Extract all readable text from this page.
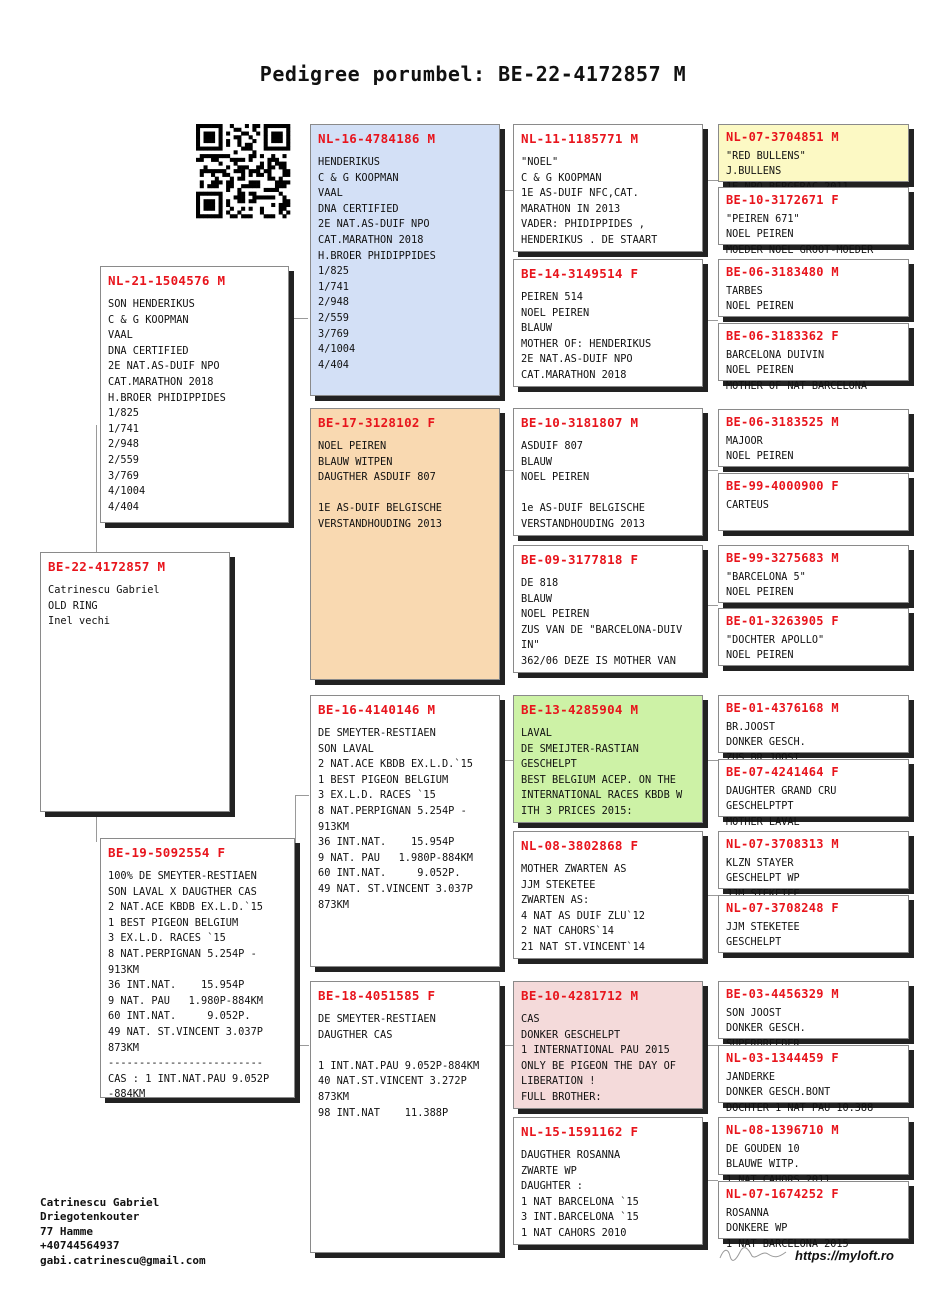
Pedigree porumbel: BE-22-4172857 M
NL-21-1504576 M
SON HENDERIKUS
C & G KOOPMAN
VAAL
DNA CERTIFIED
2E NAT.AS-DUIF NPO
CAT.MARATHON 2018
H.BROER PHIDIPPIDES
1/825
1/741
2/948
2/559
3/769
4/1004
4/404
BE-22-4172857 M
Catrinescu Gabriel
OLD RING
Inel vechi
BE-19-5092554 F
100% DE SMEYTER-RESTIAEN
SON LAVAL X DAUGTHER CAS
2 NAT.ACE KBDB EX.L.D.`15
1 BEST PIGEON BELGIUM
3 EX.L.D. RACES `15
8 NAT.PERPIGNAN 5.254P -
913KM
36 INT.NAT.    15.954P
9 NAT. PAU   1.980P-884KM
60 INT.NAT.     9.052P.
49 NAT. ST.VINCENT 3.037P
873KM
-------------------------
CAS : 1 INT.NAT.PAU 9.052P
-884KM
NL-16-4784186 M
HENDERIKUS
C & G KOOPMAN
VAAL
DNA CERTIFIED
2E NAT.AS-DUIF NPO
CAT.MARATHON 2018
H.BROER PHIDIPPIDES
1/825
1/741
2/948
2/559
3/769
4/1004
4/404
BE-17-3128102 F
NOEL PEIREN
BLAUW WITPEN
DAUGTHER ASDUIF 807

1E AS-DUIF BELGISCHE
VERSTANDHOUDING 2013
BE-16-4140146 M
DE SMEYTER-RESTIAEN
SON LAVAL
2 NAT.ACE KBDB EX.L.D.`15
1 BEST PIGEON BELGIUM
3 EX.L.D. RACES `15
8 NAT.PERPIGNAN 5.254P -
913KM
36 INT.NAT.    15.954P
9 NAT. PAU   1.980P-884KM
60 INT.NAT.     9.052P.
49 NAT. ST.VINCENT 3.037P
873KM
BE-18-4051585 F
DE SMEYTER-RESTIAEN
DAUGTHER CAS

1 INT.NAT.PAU 9.052P-884KM
40 NAT.ST.VINCENT 3.272P
873KM
98 INT.NAT    11.388P
NL-11-1185771 M
"NOEL"
C & G KOOPMAN
1E AS-DUIF NFC,CAT.
MARATHON IN 2013
VADER: PHIDIPPIDES ,
HENDERIKUS . DE STAART
BE-14-3149514 F
PEIREN 514
NOEL PEIREN
BLAUW
MOTHER OF: HENDERIKUS
2E NAT.AS-DUIF NPO
CAT.MARATHON 2018
BE-10-3181807 M
ASDUIF 807
BLAUW
NOEL PEIREN

1e AS-DUIF BELGISCHE
VERSTANDHOUDING 2013
BE-09-3177818 F
DE 818
BLAUW
NOEL PEIREN
ZUS VAN DE "BARCELONA-DUIV
IN"
362/06 DEZE IS MOTHER VAN
BE-13-4285904 M
LAVAL
DE SMEIJTER-RASTIAN
GESCHELPT
BEST BELGIUM ACEP. ON THE
INTERNATIONAL RACES KBDB W
ITH 3 PRICES 2015:
NL-08-3802868 F
MOTHER ZWARTEN AS
JJM STEKETEE
ZWARTEN AS:
4 NAT AS DUIF ZLU`12
2 NAT CAHORS`14
21 NAT ST.VINCENT`14
BE-10-4281712 M
CAS
DONKER GESCHELPT
1 INTERNATIONAL PAU 2015
ONLY BE PIGEON THE DAY OF
LIBERATION !
FULL BROTHER:
NL-15-1591162 F
DAUGTHER ROSANNA
ZWARTE WP
DAUGHTER :
1 NAT BARCELONA `15
3 INT.BARCELONA `15
1 NAT CAHORS 2010
NL-07-3704851 M
"RED BULLENS"
J.BULLENS
BE-10-3172671 F
"PEIREN 671"
NOEL PEIREN
MOEDER NOEL GROOT-MOEDER
BE-06-3183480 M
TARBES
NOEL PEIREN
BE-06-3183362 F
BARCELONA DUIVIN
NOEL PEIREN
MOTHER OF NAT BARCELONA
BE-06-3183525 M
MAJOOR
NOEL PEIREN
BE-99-4000900 F
CARTEUS
BE-99-3275683 M
"BARCELONA 5"
NOEL PEIREN
BE-01-3263905 F
"DOCHTER APOLLO"
NOEL PEIREN
BE-01-4376168 M
BR.JOOST
DONKER GESCH.
BE-07-4241464 F
DAUGHTER GRAND CRU
GESCHELPTPT
MOTHER LAVAL
NL-07-3708313 M
KLZN STAYER
GESCHELPT WP
NL-07-3708248 F
JJM STEKETEE
GESCHELPT
BE-03-4456329 M
SON JOOST
DONKER GESCH.
NL-03-1344459 F
JANDERKE
DONKER GESCH.BONT
DOCHTER 1 NAT PAU 10.388
NL-08-1396710 M
DE GOUDEN 10
BLAUWE WITP.
NL-07-1674252 F
ROSANNA
DONKERE WP
1 NAT BARCELONA 2015
Catrinescu Gabriel
Driegotenkouter
77 Hamme
+40744564937
gabi.catrinescu@gmail.com	https://myloft.ro
